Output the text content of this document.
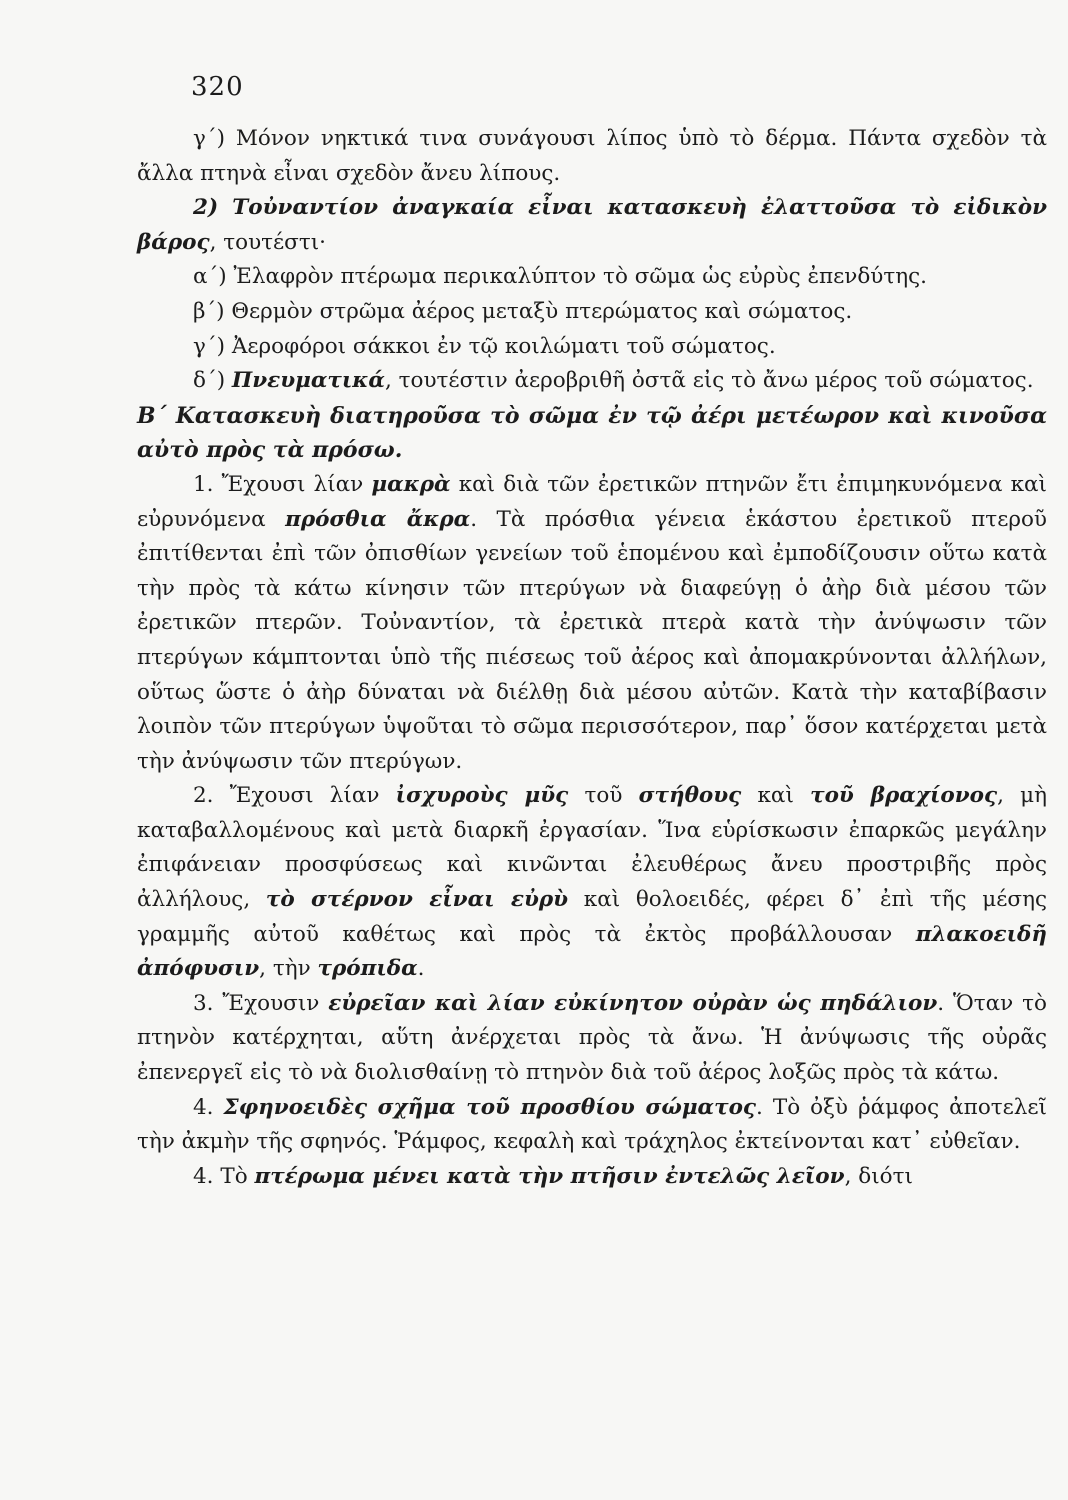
320

γ΄) Μόνον νηκτικά τινα συνάγουσι λίπος ὑπὸ τὸ δέρμα. Πάντα σχεδὸν τὰ ἄλλα πτηνὰ εἶναι σχεδὸν ἄνευ λίπους.

2) Τοὐναντίον ἀναγκαία εἶναι κατασκευὴ ἐλαττοῦσα τὸ εἰδικὸν βάρος, τουτέστι·

α΄) Ἐλαφρὸν πτέρωμα περικαλύπτον τὸ σῶμα ὡς εὐρὺς ἐπενδύτης.

β΄) Θερμὸν στρῶμα ἀέρος μεταξὺ πτερώματος καὶ σώματος.

γ΄) Ἀεροφόροι σάκκοι ἐν τῷ κοιλώματι τοῦ σώματος.

δ΄) Πνευματικά, τουτέστιν ἀεροβριθῆ ὀστᾶ εἰς τὸ ἄνω μέρος τοῦ σώματος.

Β΄ Κατασκευὴ διατηροῦσα τὸ σῶμα ἐν τῷ ἀέρι μετέωρον καὶ κινοῦσα αὐτὸ πρὸς τὰ πρόσω.

1. Ἔχουσι λίαν μακρὰ καὶ διὰ τῶν ἐρετικῶν πτηνῶν ἔτι ἐπιμηκυνόμενα καὶ εὐρυνόμενα πρόσθια ἄκρα. Τὰ πρόσθια γένεια ἑκάστου ἐρετικοῦ πτεροῦ ἐπιτίθενται ἐπὶ τῶν ὀπισθίων γενείων τοῦ ἑπομένου καὶ ἐμποδίζουσιν οὕτω κατὰ τὴν πρὸς τὰ κάτω κίνησιν τῶν πτερύγων νὰ διαφεύγῃ ὁ ἀὴρ διὰ μέσου τῶν ἐρετικῶν πτερῶν. Τοὐναντίον, τὰ ἐρετικὰ πτερὰ κατὰ τὴν ἀνύψωσιν τῶν πτερύγων κάμπτονται ὑπὸ τῆς πιέσεως τοῦ ἀέρος καὶ ἀπομακρύνονται ἀλλήλων, οὕτως ὥστε ὁ ἀὴρ δύναται νὰ διέλθῃ διὰ μέσου αὐτῶν. Κατὰ τὴν καταβίβασιν λοιπὸν τῶν πτερύγων ὑψοῦται τὸ σῶμα περισσότερον, παρ᾿ ὅσον κατέρχεται μετὰ τὴν ἀνύψωσιν τῶν πτερύγων.

2. Ἔχουσι λίαν ἰσχυροὺς μῦς τοῦ στήθους καὶ τοῦ βραχίονος, μὴ καταβαλλομένους καὶ μετὰ διαρκῆ ἐργασίαν. Ἵνα εὑρίσκωσιν ἐπαρκῶς μεγάλην ἐπιφάνειαν προσφύσεως καὶ κινῶνται ἐλευθέρως ἄνευ προστριβῆς πρὸς ἀλλήλους, τὸ στέρνον εἶναι εὐρὺ καὶ θολοειδές, φέρει δ᾿ ἐπὶ τῆς μέσης γραμμῆς αὐτοῦ καθέτως καὶ πρὸς τὰ ἐκτὸς προβάλλουσαν πλακοειδῆ ἀπόφυσιν, τὴν τρόπιδα.

3. Ἔχουσιν εὐρεῖαν καὶ λίαν εὐκίνητον οὐρὰν ὡς πηδάλιον. Ὅταν τὸ πτηνὸν κατέρχηται, αὕτη ἀνέρχεται πρὸς τὰ ἄνω. Ἡ ἀνύψωσις τῆς οὐρᾶς ἐπενεργεῖ εἰς τὸ νὰ διολισθαίνῃ τὸ πτηνὸν διὰ τοῦ ἀέρος λοξῶς πρὸς τὰ κάτω.

4. Σφηνοειδὲς σχῆμα τοῦ προσθίου σώματος. Τὸ ὀξὺ ῥάμφος ἀποτελεῖ τὴν ἀκμὴν τῆς σφηνός. Ῥάμφος, κεφαλὴ καὶ τράχηλος ἐκτείνονται κατ᾿ εὐθεῖαν.

4. Τὸ πτέρωμα μένει κατὰ τὴν πτῆσιν ἐντελῶς λεῖον, διότι
